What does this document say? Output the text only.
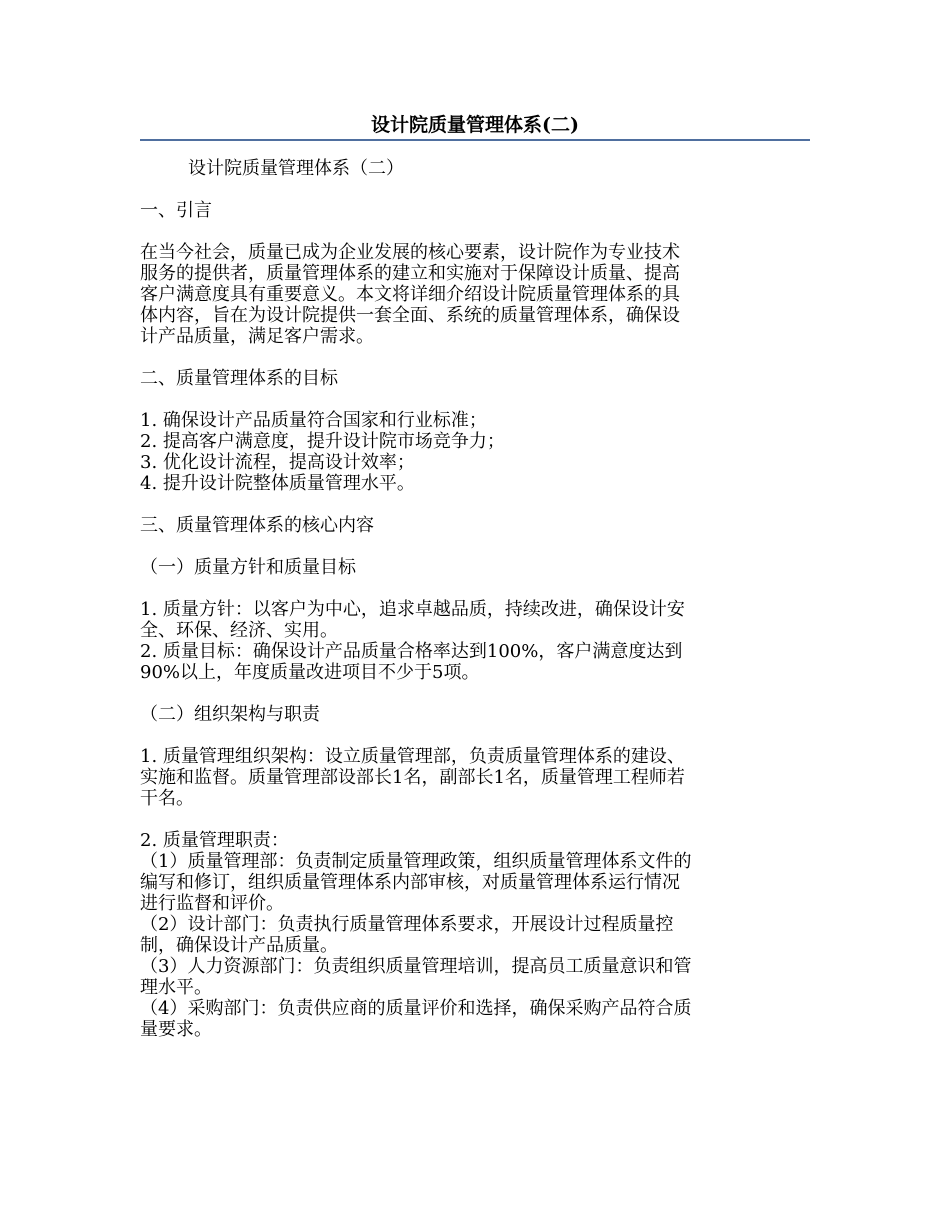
设计院质量管理体系(二)

设计院质量管理体系（二）

一、引言

在当今社会，质量已成为企业发展的核心要素，设计院作为专业技术

服务的提供者，质量管理体系的建立和实施对于保障设计质量、提高

客户满意度具有重要意义。本文将详细介绍设计院质量管理体系的具

体内容，旨在为设计院提供一套全面、系统的质量管理体系，确保设

计产品质量，满足客户需求。

二、质量管理体系的目标

1. 确保设计产品质量符合国家和行业标准；

2. 提高客户满意度，提升设计院市场竞争力；

3. 优化设计流程，提高设计效率；

4. 提升设计院整体质量管理水平。

三、质量管理体系的核心内容

（一）质量方针和质量目标

1. 质量方针：以客户为中心，追求卓越品质，持续改进，确保设计安

全、环保、经济、实用。

2. 质量目标：确保设计产品质量合格率达到100%，客户满意度达到

90%以上，年度质量改进项目不少于5项。

（二）组织架构与职责

1. 质量管理组织架构：设立质量管理部，负责质量管理体系的建设、

实施和监督。质量管理部设部长1名，副部长1名，质量管理工程师若

干名。

2. 质量管理职责：

（1）质量管理部：负责制定质量管理政策，组织质量管理体系文件的

编写和修订，组织质量管理体系内部审核，对质量管理体系运行情况

进行监督和评价。

（2）设计部门：负责执行质量管理体系要求，开展设计过程质量控

制，确保设计产品质量。

（3）人力资源部门：负责组织质量管理培训，提高员工质量意识和管

理水平。

（4）采购部门：负责供应商的质量评价和选择，确保采购产品符合质

量要求。
